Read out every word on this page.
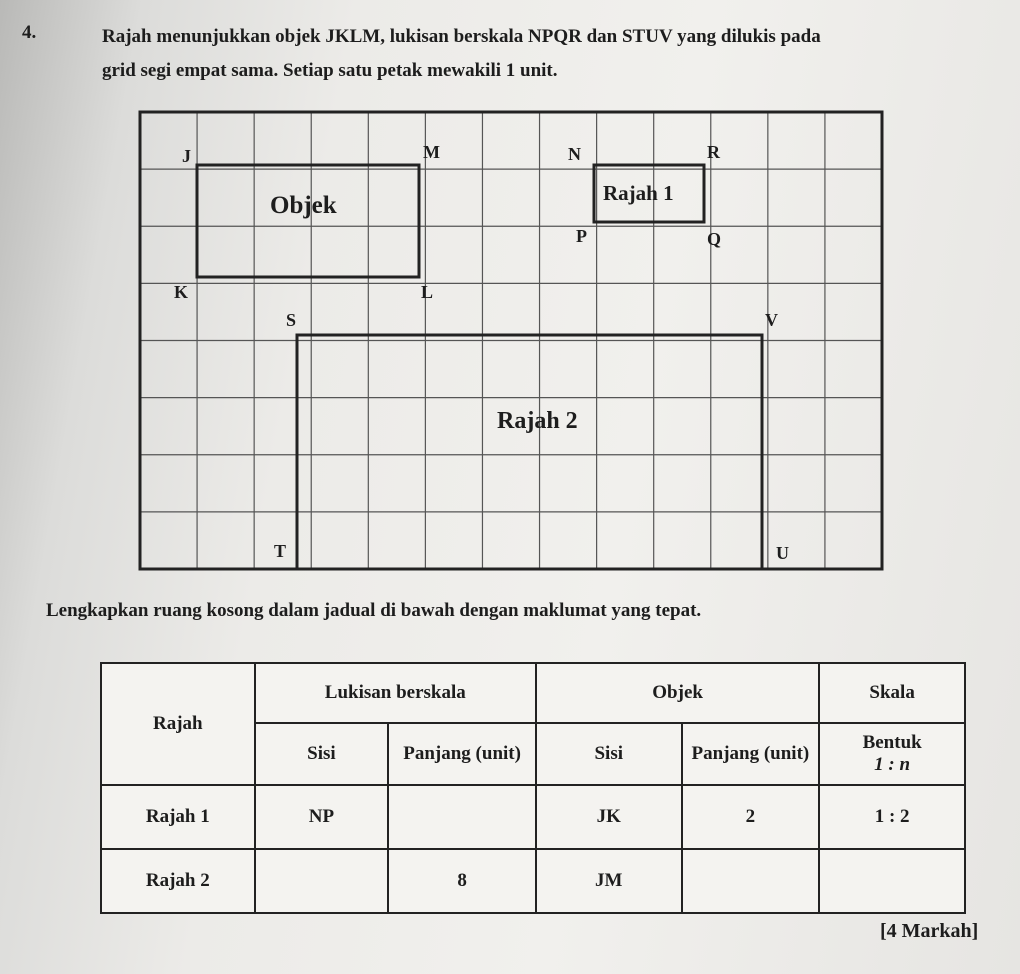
4.	Rajah menunjukkan objek JKLM, lukisan berskala NPQR dan STUV yang dilukis pada
grid segi empat sama. Setiap satu petak mewakili 1 unit.
J	M	N	R
Objek	Rajah 1
P	Q
K	L
S	V
Rajah 2
T	U
Lengkapkan ruang kosong dalam jadual di bawah dengan maklumat yang tepat.
Rajah	Lukisan berskala		Objek		Skala
	Sisi	Panjang (unit)	Sisi	Panjang (unit)	Bentuk
1 : n

Rajah 1	NP		JK	2	1 : 2
Rajah 2		8	JM		
[4 Markah]
